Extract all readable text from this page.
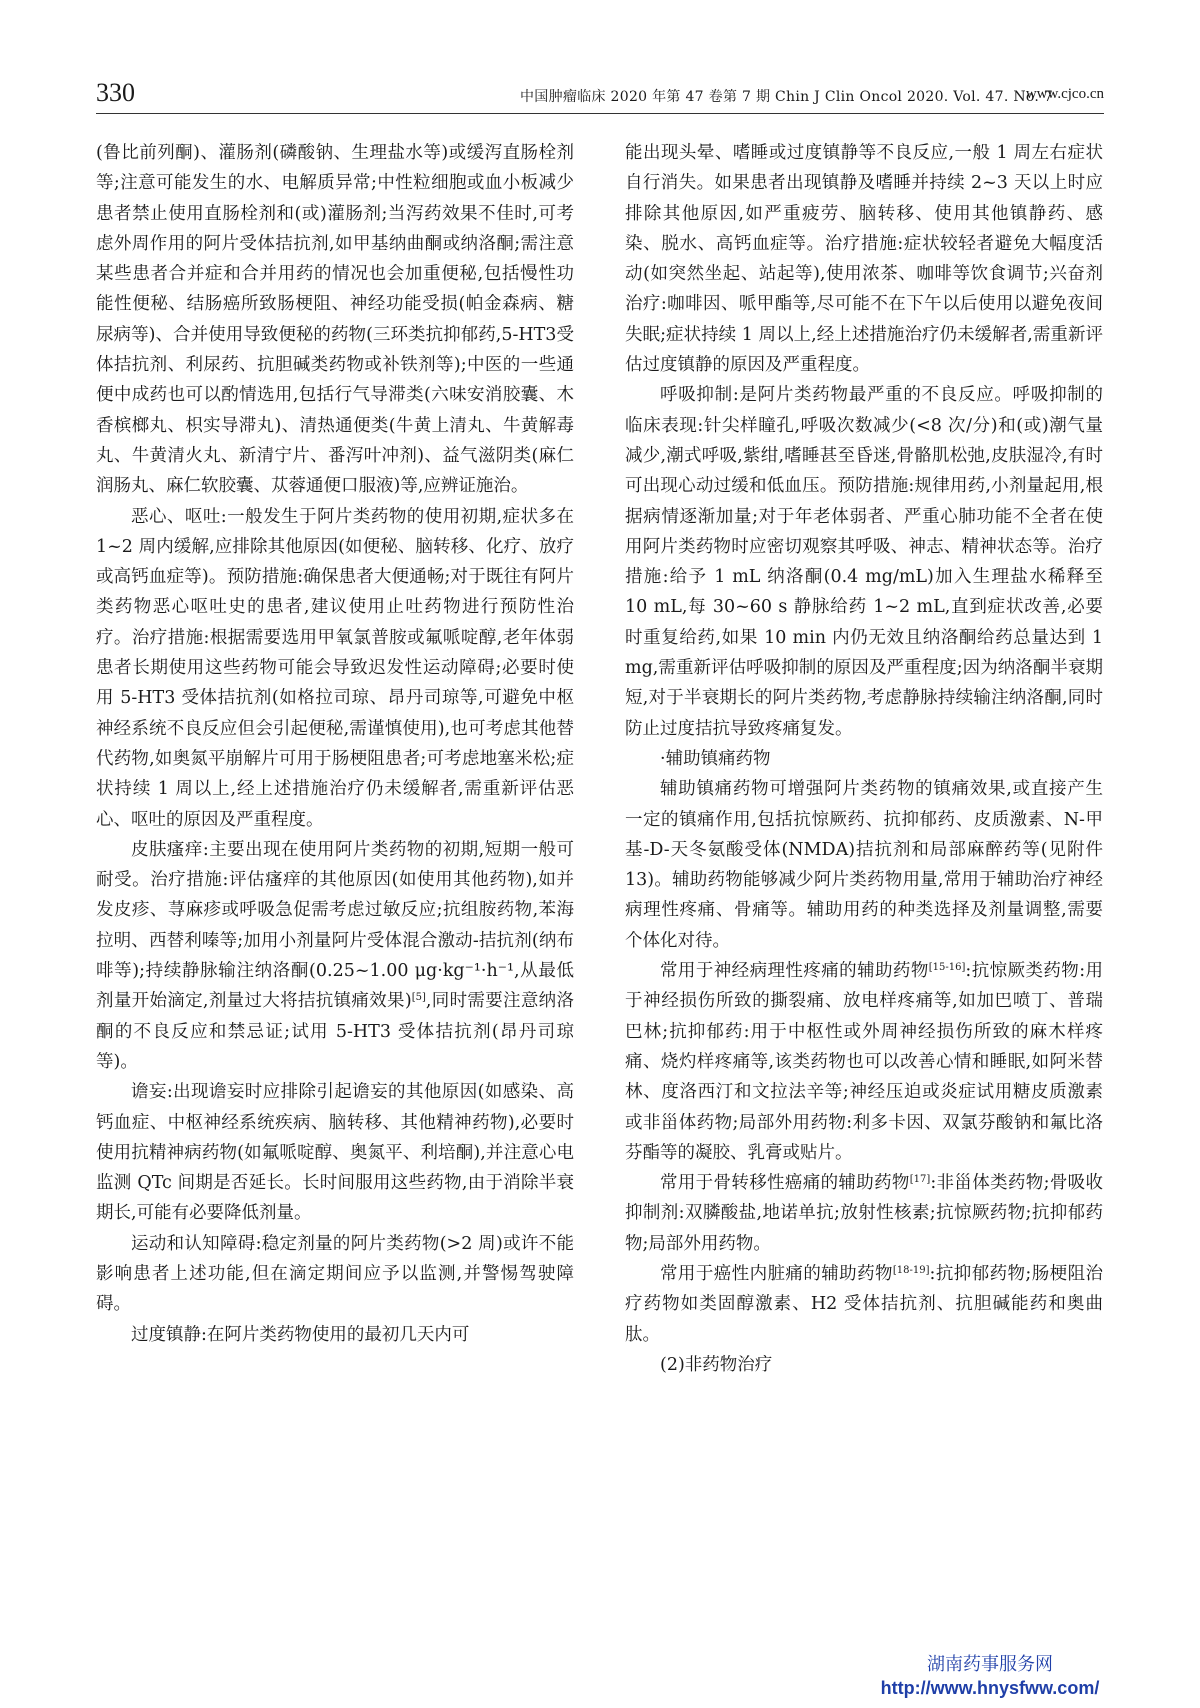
330	中国肿瘤临床 2020 年第 47 卷第 7 期 Chin J Clin Oncol 2020. Vol. 47. No. 7
www.cjco.cn

(鲁比前列酮)、灌肠剂(磷酸钠、生理盐水等)或缓泻直肠栓剂等;注意可能发生的水、电解质异常;中性粒细胞或血小板减少患者禁止使用直肠栓剂和(或)灌肠剂;当泻药效果不佳时,可考虑外周作用的阿片受体拮抗剂,如甲基纳曲酮或纳洛酮;需注意某些患者合并症和合并用药的情况也会加重便秘,包括慢性功能性便秘、结肠癌所致肠梗阻、神经功能受损(帕金森病、糖尿病等)、合并使用导致便秘的药物(三环类抗抑郁药,5-HT3受体拮抗剂、利尿药、抗胆碱类药物或补铁剂等);中医的一些通便中成药也可以酌情选用,包括行气导滞类(六味安消胶囊、木香槟榔丸、枳实导滞丸)、清热通便类(牛黄上清丸、牛黄解毒丸、牛黄清火丸、新清宁片、番泻叶冲剂)、益气滋阴类(麻仁润肠丸、麻仁软胶囊、苁蓉通便口服液)等,应辨证施治。

恶心、呕吐:一般发生于阿片类药物的使用初期,症状多在 1~2 周内缓解,应排除其他原因(如便秘、脑转移、化疗、放疗或高钙血症等)。预防措施:确保患者大便通畅;对于既往有阿片类药物恶心呕吐史的患者,建议使用止吐药物进行预防性治疗。治疗措施:根据需要选用甲氧氯普胺或氟哌啶醇,老年体弱患者长期使用这些药物可能会导致迟发性运动障碍;必要时使用 5-HT3 受体拮抗剂(如格拉司琼、昂丹司琼等,可避免中枢神经系统不良反应但会引起便秘,需谨慎使用),也可考虑其他替代药物,如奥氮平崩解片可用于肠梗阻患者;可考虑地塞米松;症状持续 1 周以上,经上述措施治疗仍未缓解者,需重新评估恶心、呕吐的原因及严重程度。

皮肤瘙痒:主要出现在使用阿片类药物的初期,短期一般可耐受。治疗措施:评估瘙痒的其他原因(如使用其他药物),如并发皮疹、荨麻疹或呼吸急促需考虑过敏反应;抗组胺药物,苯海拉明、西替利嗪等;加用小剂量阿片受体混合激动-拮抗剂(纳布啡等);持续静脉输注纳洛酮(0.25~1.00 μg·kg⁻¹·h⁻¹,从最低剂量开始滴定,剂量过大将拮抗镇痛效果)[5],同时需要注意纳洛酮的不良反应和禁忌证;试用 5-HT3 受体拮抗剂(昂丹司琼等)。

谵妄:出现谵妄时应排除引起谵妄的其他原因(如感染、高钙血症、中枢神经系统疾病、脑转移、其他精神药物),必要时使用抗精神病药物(如氟哌啶醇、奥氮平、利培酮),并注意心电监测 QTc 间期是否延长。长时间服用这些药物,由于消除半衰期长,可能有必要降低剂量。

运动和认知障碍:稳定剂量的阿片类药物(>2 周)或许不能影响患者上述功能,但在滴定期间应予以监测,并警惕驾驶障碍。

过度镇静:在阿片类药物使用的最初几天内可

能出现头晕、嗜睡或过度镇静等不良反应,一般 1 周左右症状自行消失。如果患者出现镇静及嗜睡并持续 2~3 天以上时应排除其他原因,如严重疲劳、脑转移、使用其他镇静药、感染、脱水、高钙血症等。治疗措施:症状较轻者避免大幅度活动(如突然坐起、站起等),使用浓茶、咖啡等饮食调节;兴奋剂治疗:咖啡因、哌甲酯等,尽可能不在下午以后使用以避免夜间失眠;症状持续 1 周以上,经上述措施治疗仍未缓解者,需重新评估过度镇静的原因及严重程度。

呼吸抑制:是阿片类药物最严重的不良反应。呼吸抑制的临床表现:针尖样瞳孔,呼吸次数减少(<8 次/分)和(或)潮气量减少,潮式呼吸,紫绀,嗜睡甚至昏迷,骨骼肌松弛,皮肤湿冷,有时可出现心动过缓和低血压。预防措施:规律用药,小剂量起用,根据病情逐渐加量;对于年老体弱者、严重心肺功能不全者在使用阿片类药物时应密切观察其呼吸、神志、精神状态等。治疗措施:给予 1 mL 纳洛酮(0.4 mg/mL)加入生理盐水稀释至 10 mL,每 30~60 s 静脉给药 1~2 mL,直到症状改善,必要时重复给药,如果 10 min 内仍无效且纳洛酮给药总量达到 1 mg,需重新评估呼吸抑制的原因及严重程度;因为纳洛酮半衰期短,对于半衰期长的阿片类药物,考虑静脉持续输注纳洛酮,同时防止过度拮抗导致疼痛复发。

·辅助镇痛药物

辅助镇痛药物可增强阿片类药物的镇痛效果,或直接产生一定的镇痛作用,包括抗惊厥药、抗抑郁药、皮质激素、N-甲基-D-天冬氨酸受体(NMDA)拮抗剂和局部麻醉药等(见附件 13)。辅助药物能够减少阿片类药物用量,常用于辅助治疗神经病理性疼痛、骨痛等。辅助用药的种类选择及剂量调整,需要个体化对待。

常用于神经病理性疼痛的辅助药物[15-16]:抗惊厥类药物:用于神经损伤所致的撕裂痛、放电样疼痛等,如加巴喷丁、普瑞巴林;抗抑郁药:用于中枢性或外周神经损伤所致的麻木样疼痛、烧灼样疼痛等,该类药物也可以改善心情和睡眠,如阿米替林、度洛西汀和文拉法辛等;神经压迫或炎症试用糖皮质激素或非甾体药物;局部外用药物:利多卡因、双氯芬酸钠和氟比洛芬酯等的凝胶、乳膏或贴片。

常用于骨转移性癌痛的辅助药物[17]:非甾体类药物;骨吸收抑制剂:双膦酸盐,地诺单抗;放射性核素;抗惊厥药物;抗抑郁药物;局部外用药物。

常用于癌性内脏痛的辅助药物[18-19]:抗抑郁药物;肠梗阻治疗药物如类固醇激素、H2 受体拮抗剂、抗胆碱能药和奥曲肽。

(2)非药物治疗

湖南药事服务网
http://www.hnysfww.com/
